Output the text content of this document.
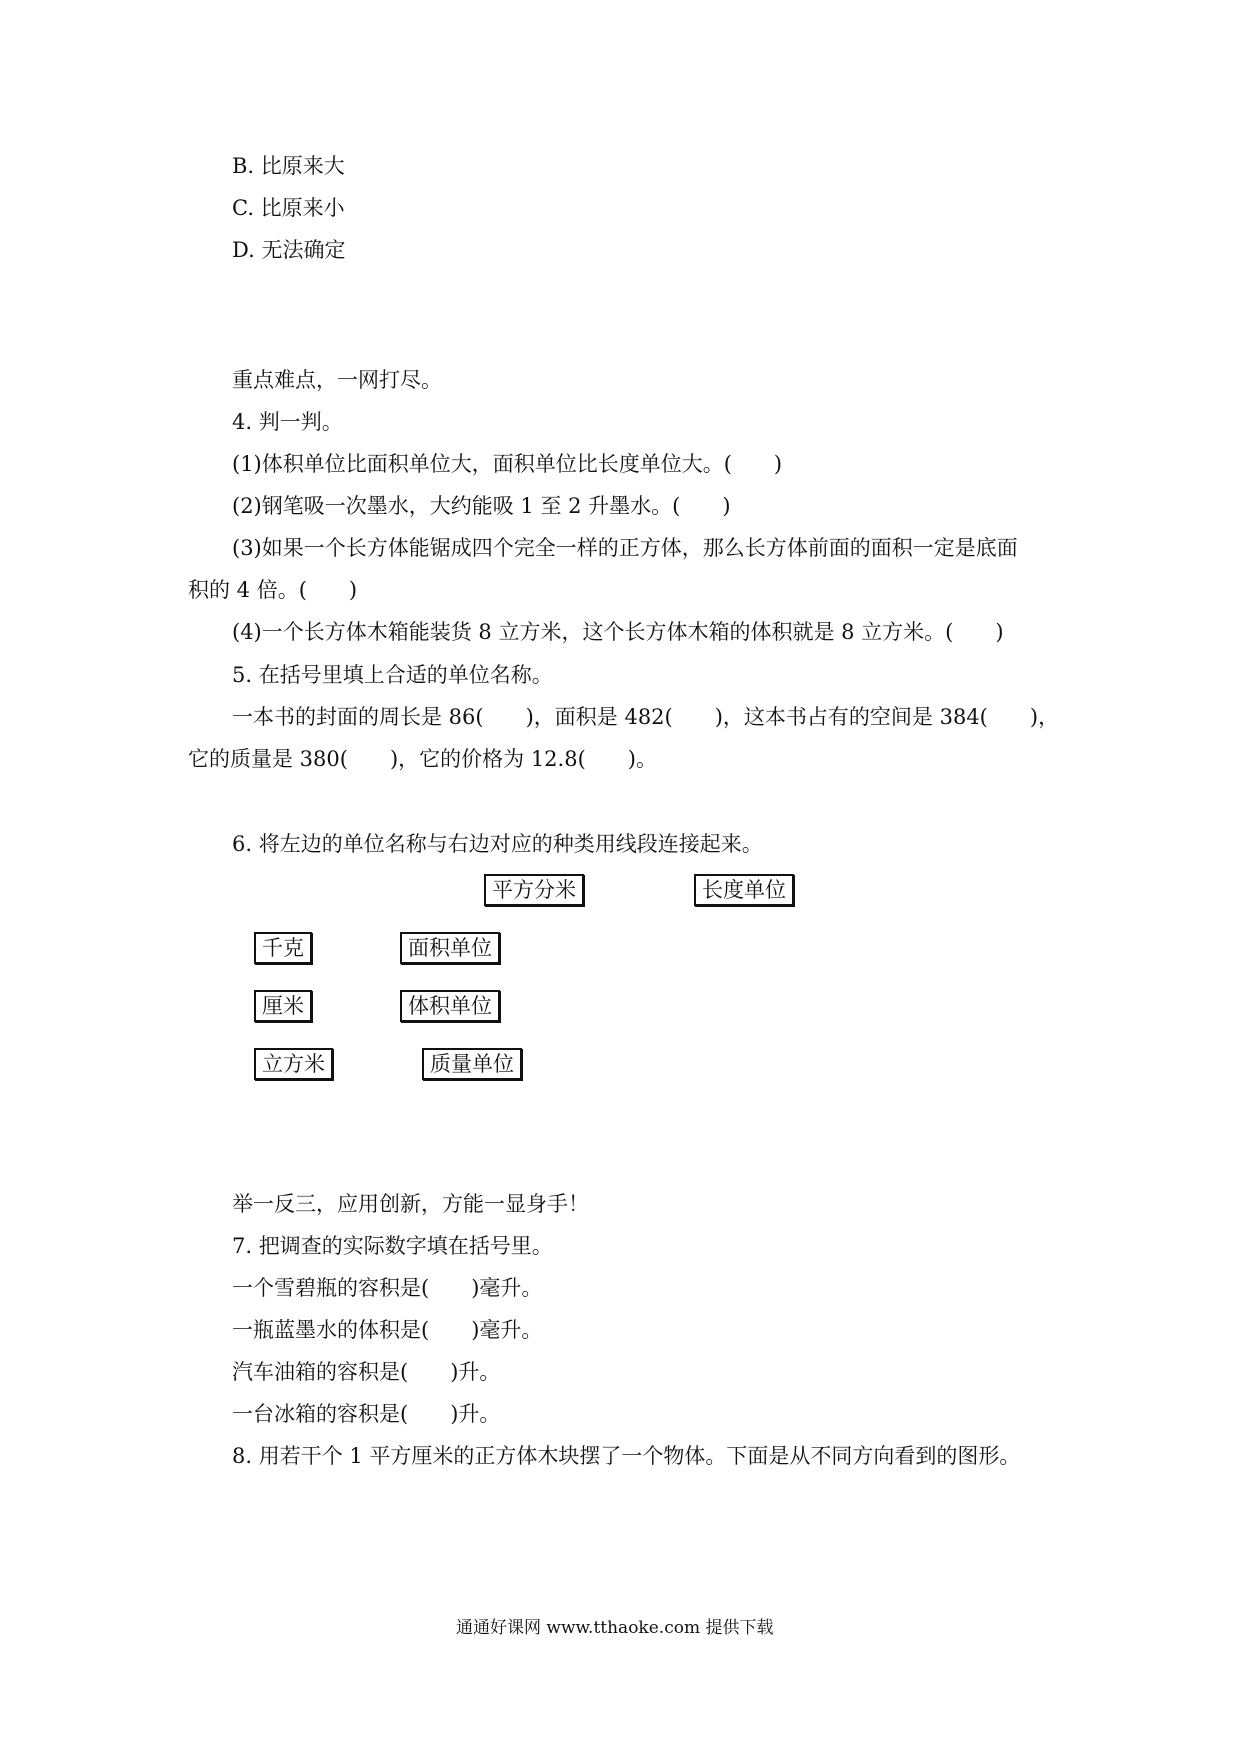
B. 比原来大
C. 比原来小
D. 无法确定
重点难点，一网打尽。
4. 判一判。
(1)体积单位比面积单位大，面积单位比长度单位大。(　　)
(2)钢笔吸一次墨水，大约能吸 1 至 2 升墨水。(　　)
(3)如果一个长方体能锯成四个完全一样的正方体，那么长方体前面的面积一定是底面
积的 4 倍。(　　)
(4)一个长方体木箱能装货 8 立方米，这个长方体木箱的体积就是 8 立方米。(　　)
5. 在括号里填上合适的单位名称。
一本书的封面的周长是 86(　　)，面积是 482(　　)，这本书占有的空间是 384(　　)，
它的质量是 380(　　)，它的价格为 12.8(　　)。
6. 将左边的单位名称与右边对应的种类用线段连接起来。
平方分米	长度单位
千克	面积单位
厘米	体积单位
立方米	质量单位
举一反三，应用创新，方能一显身手！
7. 把调查的实际数字填在括号里。
一个雪碧瓶的容积是(　　)毫升。
一瓶蓝墨水的体积是(　　)毫升。
汽车油箱的容积是(　　)升。
一台冰箱的容积是(　　)升。
8. 用若干个 1 平方厘米的正方体木块摆了一个物体。下面是从不同方向看到的图形。
通通好课网 www.tthaoke.com 提供下载
